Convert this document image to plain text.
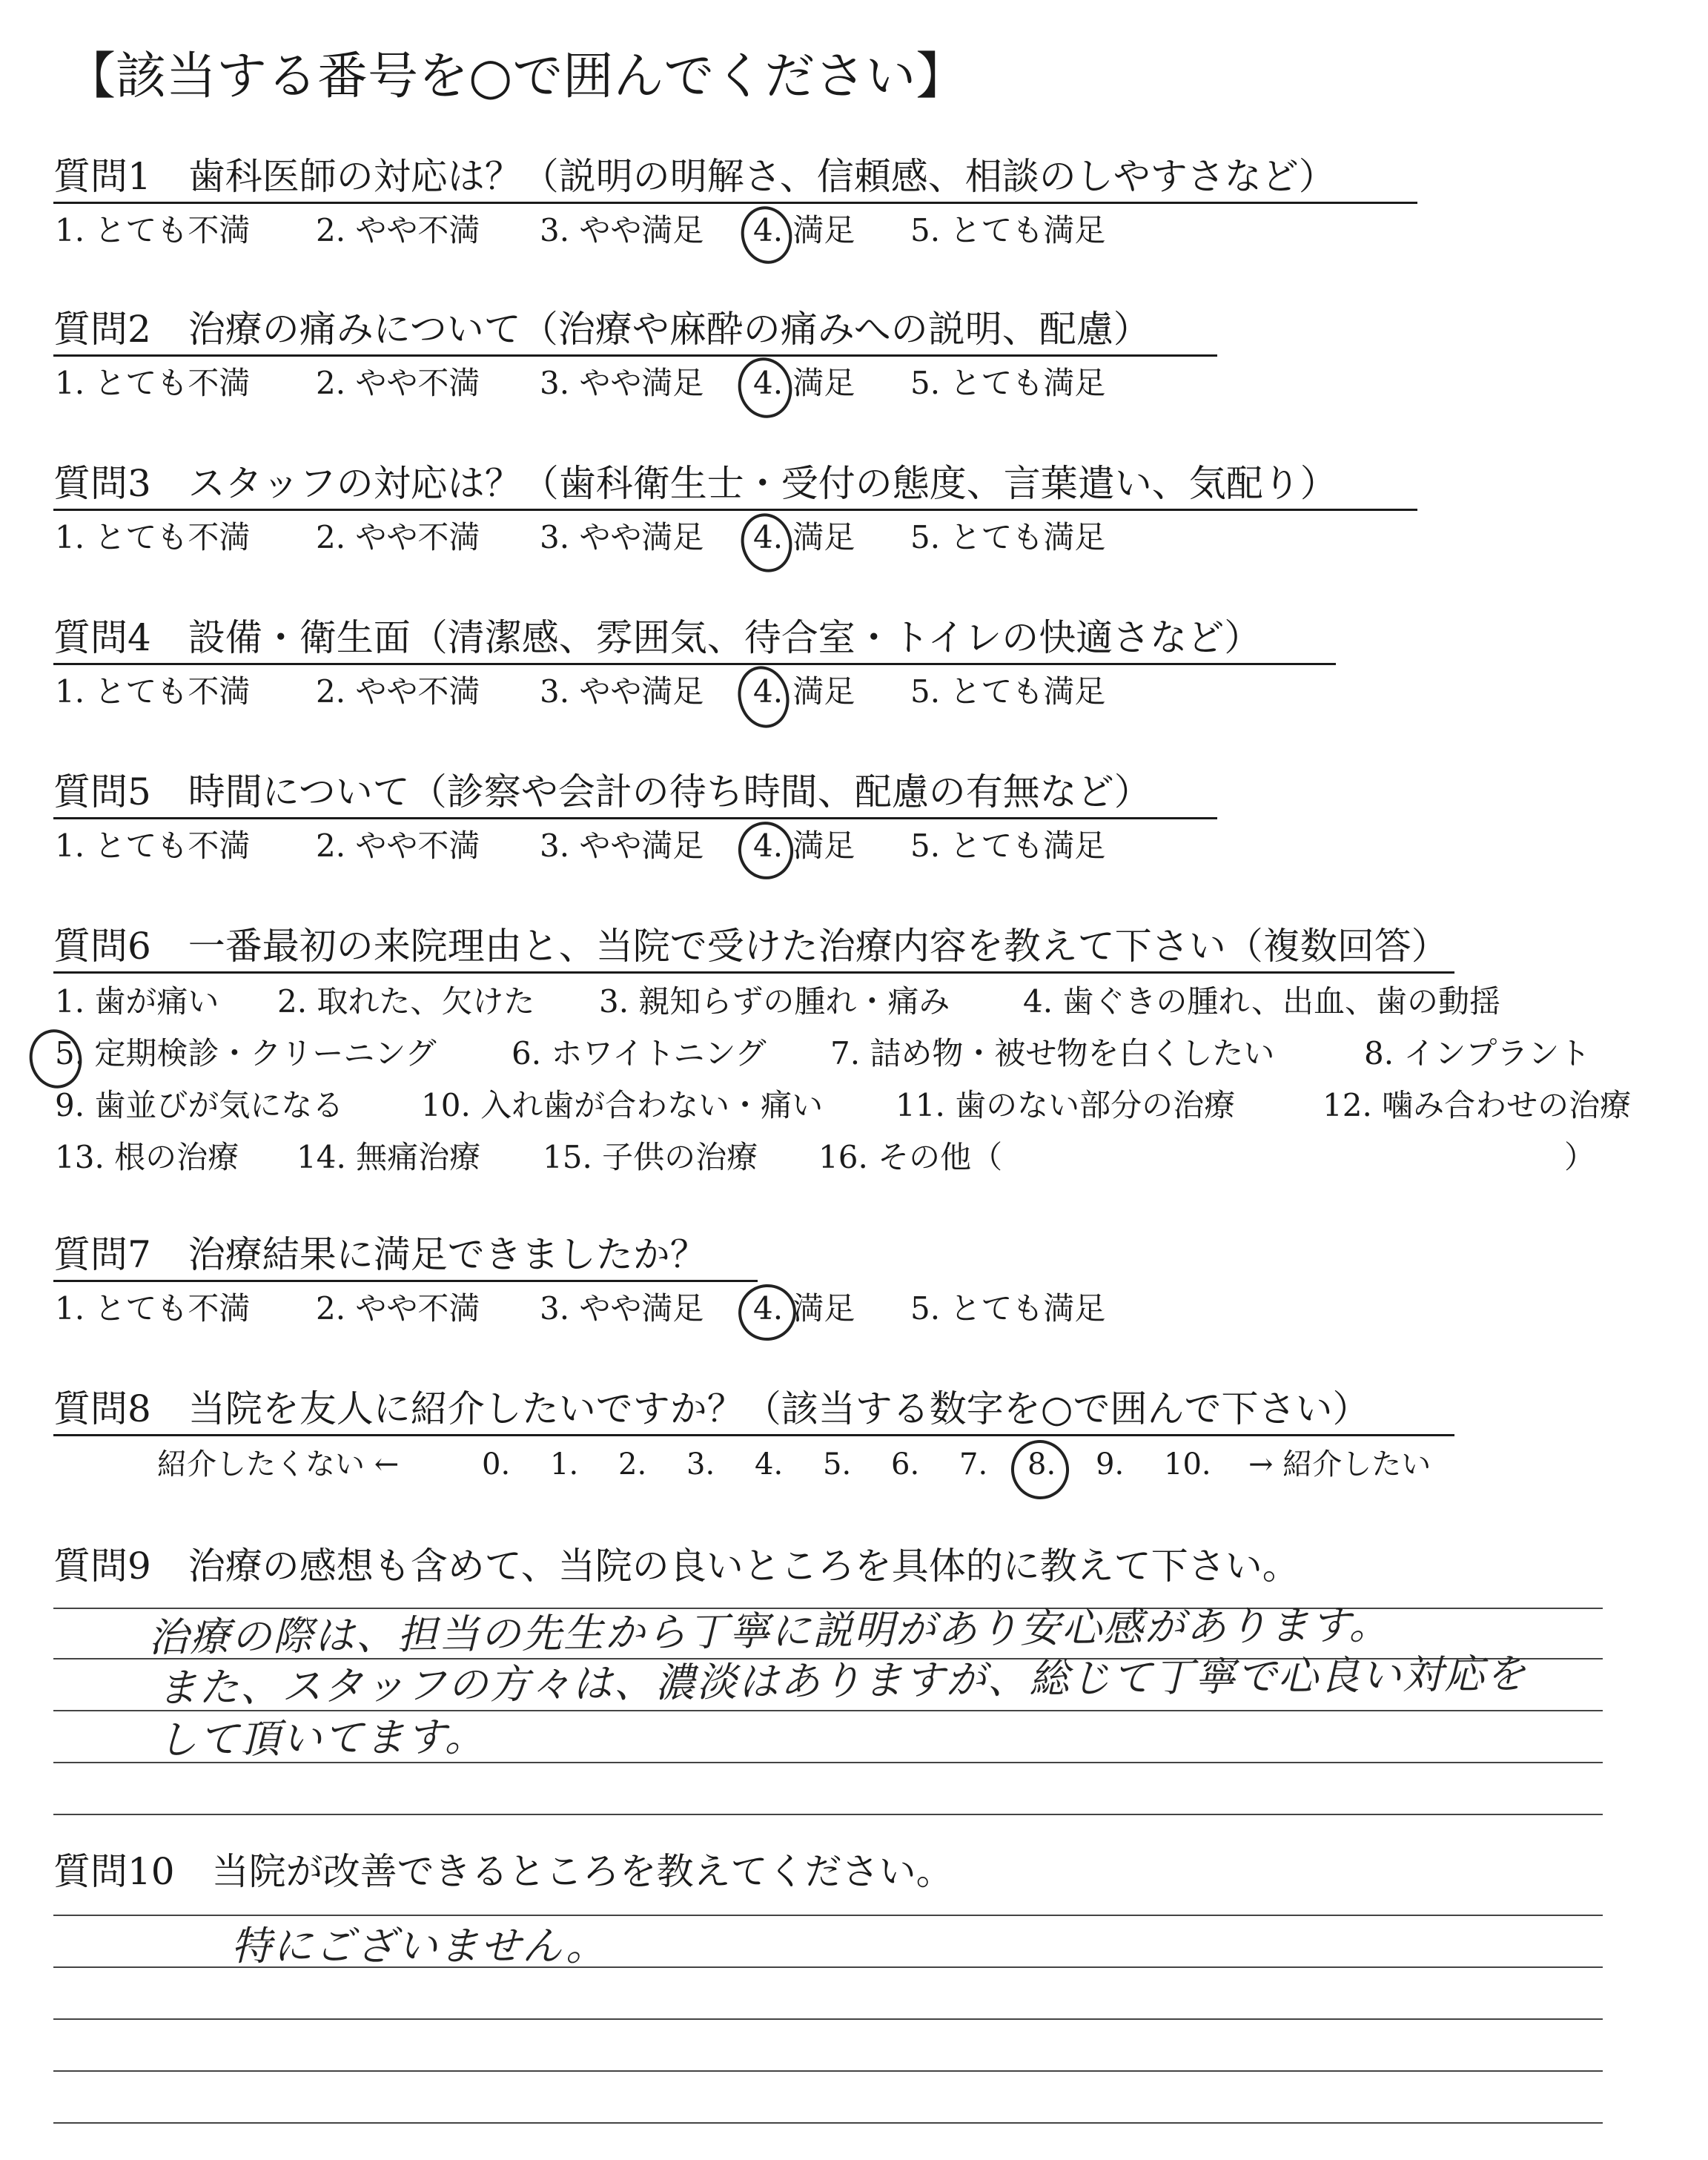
【該当する番号を○で囲んでください】
質問1　歯科医師の対応は？（説明の明解さ、信頼感、相談のしやすさなど）
1. とても不満	2. やや不満	3. やや満足	4. 満足	5. とても満足
質問2　治療の痛みについて（治療や麻酔の痛みへの説明、配慮）
1. とても不満	2. やや不満	3. やや満足	4. 満足	5. とても満足
質問3　スタッフの対応は？（歯科衛生士・受付の態度、言葉遣い、気配り）
1. とても不満	2. やや不満	3. やや満足	4. 満足	5. とても満足
質問4　設備・衛生面（清潔感、雰囲気、待合室・トイレの快適さなど）
1. とても不満	2. やや不満	3. やや満足	4. 満足	5. とても満足
質問5　時間について（診察や会計の待ち時間、配慮の有無など）
1. とても不満	2. やや不満	3. やや満足	4. 満足	5. とても満足
質問6　一番最初の来院理由と、当院で受けた治療内容を教えて下さい（複数回答）
1. 歯が痛い	2. 取れた、欠けた	3. 親知らずの腫れ・痛み	4. 歯ぐきの腫れ、出血、歯の動揺
5. 定期検診・クリーニング	6. ホワイトニング	7. 詰め物・被せ物を白くしたい	8. インプラント
9. 歯並びが気になる	10. 入れ歯が合わない・痛い	11. 歯のない部分の治療	12. 噛み合わせの治療
13. 根の治療	14. 無痛治療	15. 子供の治療	16. その他（	）
質問7　治療結果に満足できましたか？
1. とても不満	2. やや不満	3. やや満足	4. 満足	5. とても満足
質問8　当院を友人に紹介したいですか？（該当する数字を○で囲んで下さい）
紹介したくない ←	0.	1.	2.	3.	4.	5.	6.	7.	8.	9.	10.	→ 紹介したい
質問9　治療の感想も含めて、当院の良いところを具体的に教えて下さい。
治療の際は、担当の先生から丁寧に説明があり安心感があります。
また、スタッフの方々は、濃淡はありますが、総じて丁寧で心良い対応を
して頂いてます。
質問10　当院が改善できるところを教えてください。
特にございません。
